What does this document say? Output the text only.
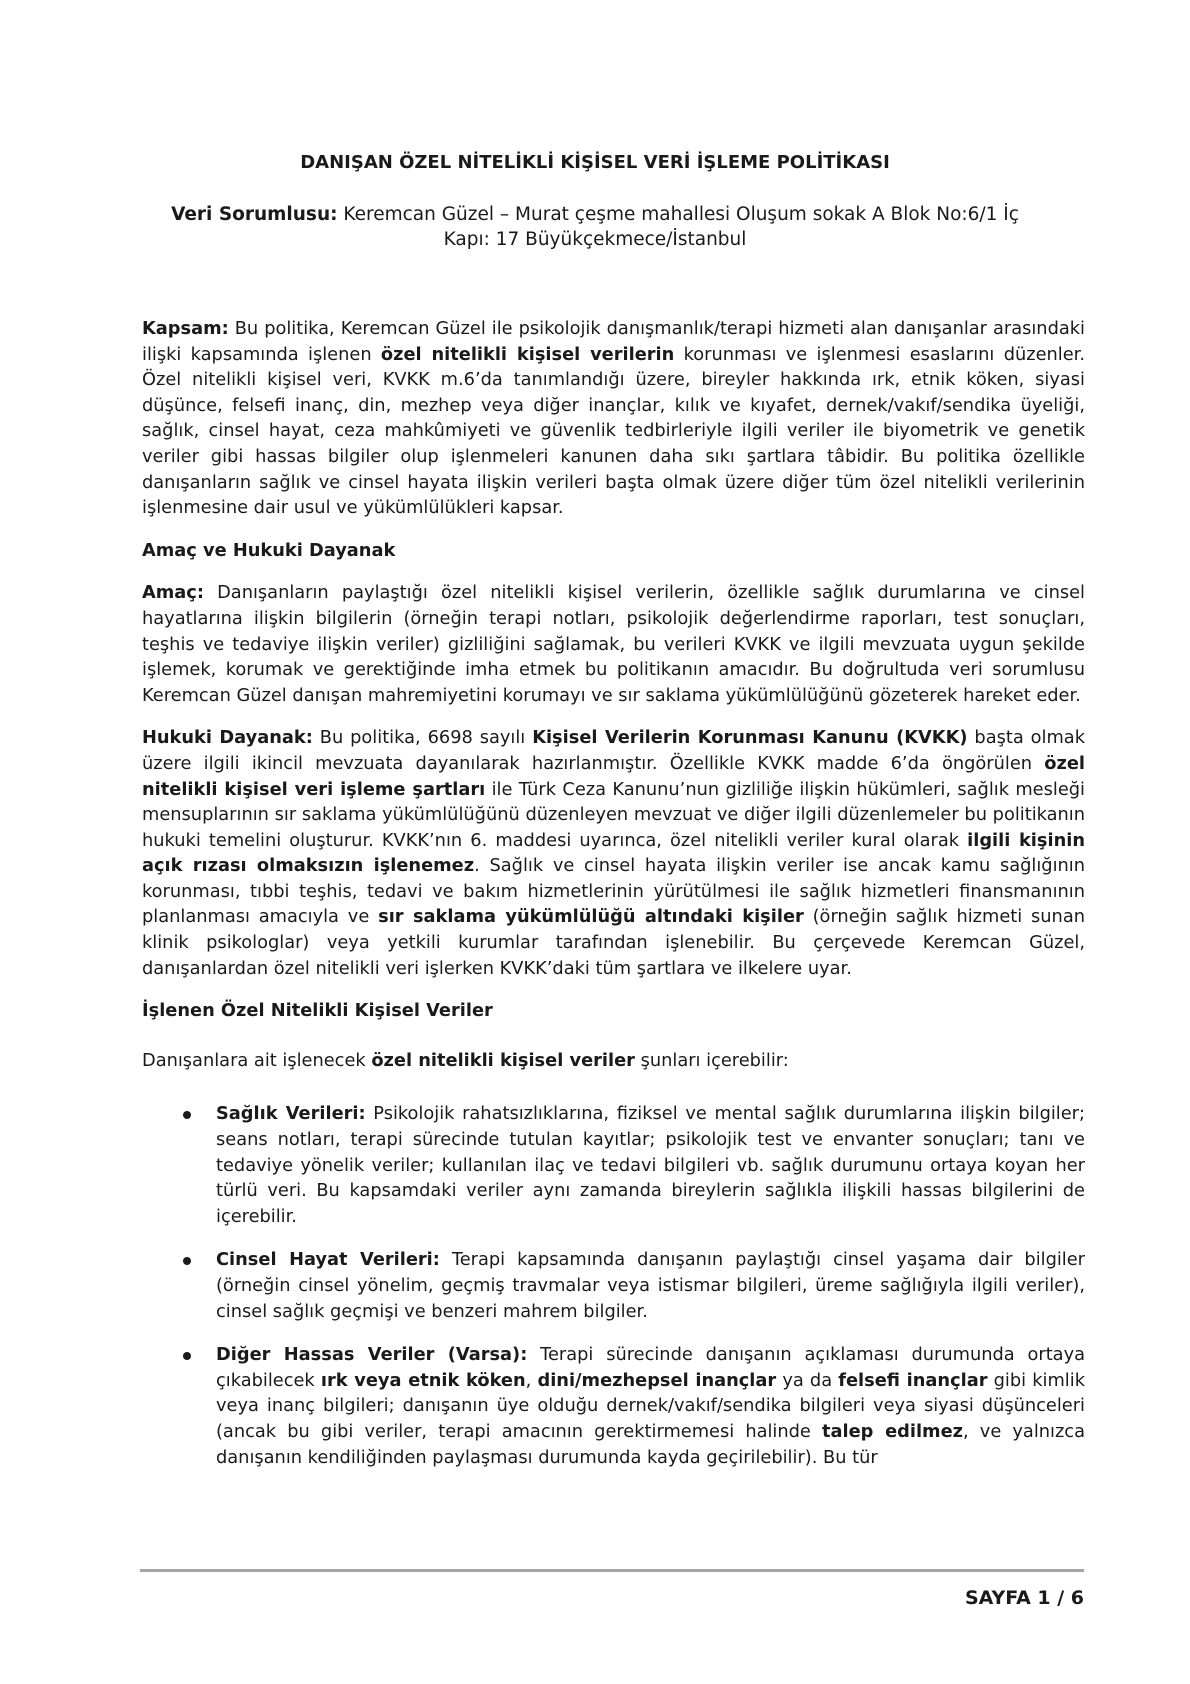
DANIŞAN ÖZEL NİTELİKLİ KİŞİSEL VERİ İŞLEME POLİTİKASI

Veri Sorumlusu: Keremcan Güzel – Murat çeşme mahallesi Oluşum sokak A Blok No:6/1 İç
Kapı: 17 Büyükçekmece/İstanbul

Kapsam: Bu politika, Keremcan Güzel ile psikolojik danışmanlık/terapi hizmeti alan danışanlar arasındaki ilişki kapsamında işlenen özel nitelikli kişisel verilerin korunması ve işlenmesi esaslarını düzenler. Özel nitelikli kişisel veri, KVKK m.6’da tanımlandığı üzere, bireyler hakkında ırk, etnik köken, siyasi düşünce, felsefi inanç, din, mezhep veya diğer inançlar, kılık ve kıyafet, dernek/vakıf/sendika üyeliği, sağlık, cinsel hayat, ceza mahkûmiyeti ve güvenlik tedbirleriyle ilgili veriler ile biyometrik ve genetik veriler gibi hassas bilgiler olup işlenmeleri kanunen daha sıkı şartlara tâbidir. Bu politika özellikle danışanların sağlık ve cinsel hayata ilişkin verileri başta olmak üzere diğer tüm özel nitelikli verilerinin işlenmesine dair usul ve yükümlülükleri kapsar.

Amaç ve Hukuki Dayanak

Amaç: Danışanların paylaştığı özel nitelikli kişisel verilerin, özellikle sağlık durumlarına ve cinsel hayatlarına ilişkin bilgilerin (örneğin terapi notları, psikolojik değerlendirme raporları, test sonuçları, teşhis ve tedaviye ilişkin veriler) gizliliğini sağlamak, bu verileri KVKK ve ilgili mevzuata uygun şekilde işlemek, korumak ve gerektiğinde imha etmek bu politikanın amacıdır. Bu doğrultuda veri sorumlusu Keremcan Güzel danışan mahremiyetini korumayı ve sır saklama yükümlülüğünü gözeterek hareket eder.

Hukuki Dayanak: Bu politika, 6698 sayılı Kişisel Verilerin Korunması Kanunu (KVKK) başta olmak üzere ilgili ikincil mevzuata dayanılarak hazırlanmıştır. Özellikle KVKK madde 6’da öngörülen özel nitelikli kişisel veri işleme şartları ile Türk Ceza Kanunu’nun gizliliğe ilişkin hükümleri, sağlık mesleği mensuplarının sır saklama yükümlülüğünü düzenleyen mevzuat ve diğer ilgili düzenlemeler bu politikanın hukuki temelini oluşturur. KVKK’nın 6. maddesi uyarınca, özel nitelikli veriler kural olarak ilgili kişinin açık rızası olmaksızın işlenemez. Sağlık ve cinsel hayata ilişkin veriler ise ancak kamu sağlığının korunması, tıbbi teşhis, tedavi ve bakım hizmetlerinin yürütülmesi ile sağlık hizmetleri finansmanının planlanması amacıyla ve sır saklama yükümlülüğü altındaki kişiler (örneğin sağlık hizmeti sunan klinik psikologlar) veya yetkili kurumlar tarafından işlenebilir. Bu çerçevede Keremcan Güzel, danışanlardan özel nitelikli veri işlerken KVKK’daki tüm şartlara ve ilkelere uyar.

İşlenen Özel Nitelikli Kişisel Veriler

Danışanlara ait işlenecek özel nitelikli kişisel veriler şunları içerebilir:

Sağlık Verileri: Psikolojik rahatsızlıklarına, fiziksel ve mental sağlık durumlarına ilişkin bilgiler; seans notları, terapi sürecinde tutulan kayıtlar; psikolojik test ve envanter sonuçları; tanı ve tedaviye yönelik veriler; kullanılan ilaç ve tedavi bilgileri vb. sağlık durumunu ortaya koyan her türlü veri. Bu kapsamdaki veriler aynı zamanda bireylerin sağlıkla ilişkili hassas bilgilerini de içerebilir.
Cinsel Hayat Verileri: Terapi kapsamında danışanın paylaştığı cinsel yaşama dair bilgiler (örneğin cinsel yönelim, geçmiş travmalar veya istismar bilgileri, üreme sağlığıyla ilgili veriler), cinsel sağlık geçmişi ve benzeri mahrem bilgiler.
Diğer Hassas Veriler (Varsa): Terapi sürecinde danışanın açıklaması durumunda ortaya çıkabilecek ırk veya etnik köken, dini/mezhepsel inançlar ya da felsefi inançlar gibi kimlik veya inanç bilgileri; danışanın üye olduğu dernek/vakıf/sendika bilgileri veya siyasi düşünceleri (ancak bu gibi veriler, terapi amacının gerektirmemesi halinde talep edilmez, ve yalnızca danışanın kendiliğinden paylaşması durumunda kayda geçirilebilir). Bu tür
SAYFA 1 / 6
